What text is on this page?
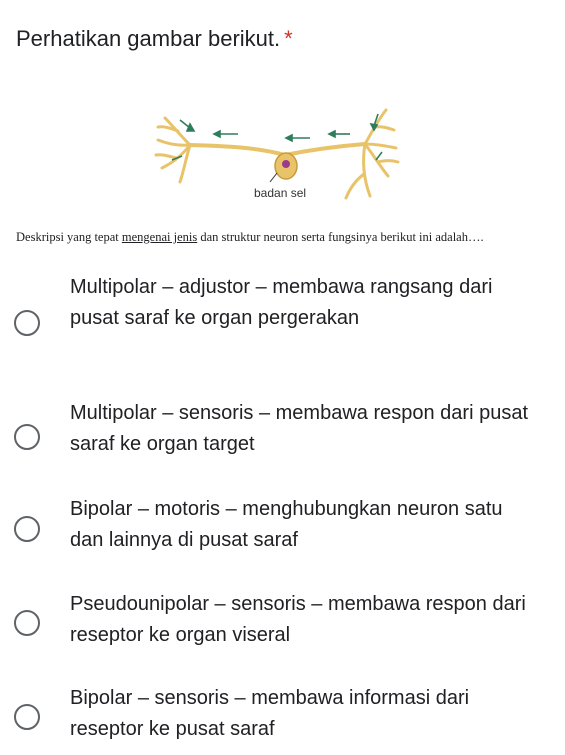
Perhatikan gambar berikut. *
badan sel
Deskripsi yang tepat mengenai jenis dan struktur neuron serta fungsinya berikut ini adalah….
Multipolar – adjustor – membawa rangsang dari pusat saraf ke organ pergerakan
Multipolar – sensoris – membawa respon dari pusat saraf ke organ target
Bipolar – motoris – menghubungkan neuron satu dan lainnya di pusat saraf
Pseudounipolar – sensoris – membawa respon dari reseptor ke organ viseral
Bipolar – sensoris – membawa informasi dari reseptor ke pusat saraf
